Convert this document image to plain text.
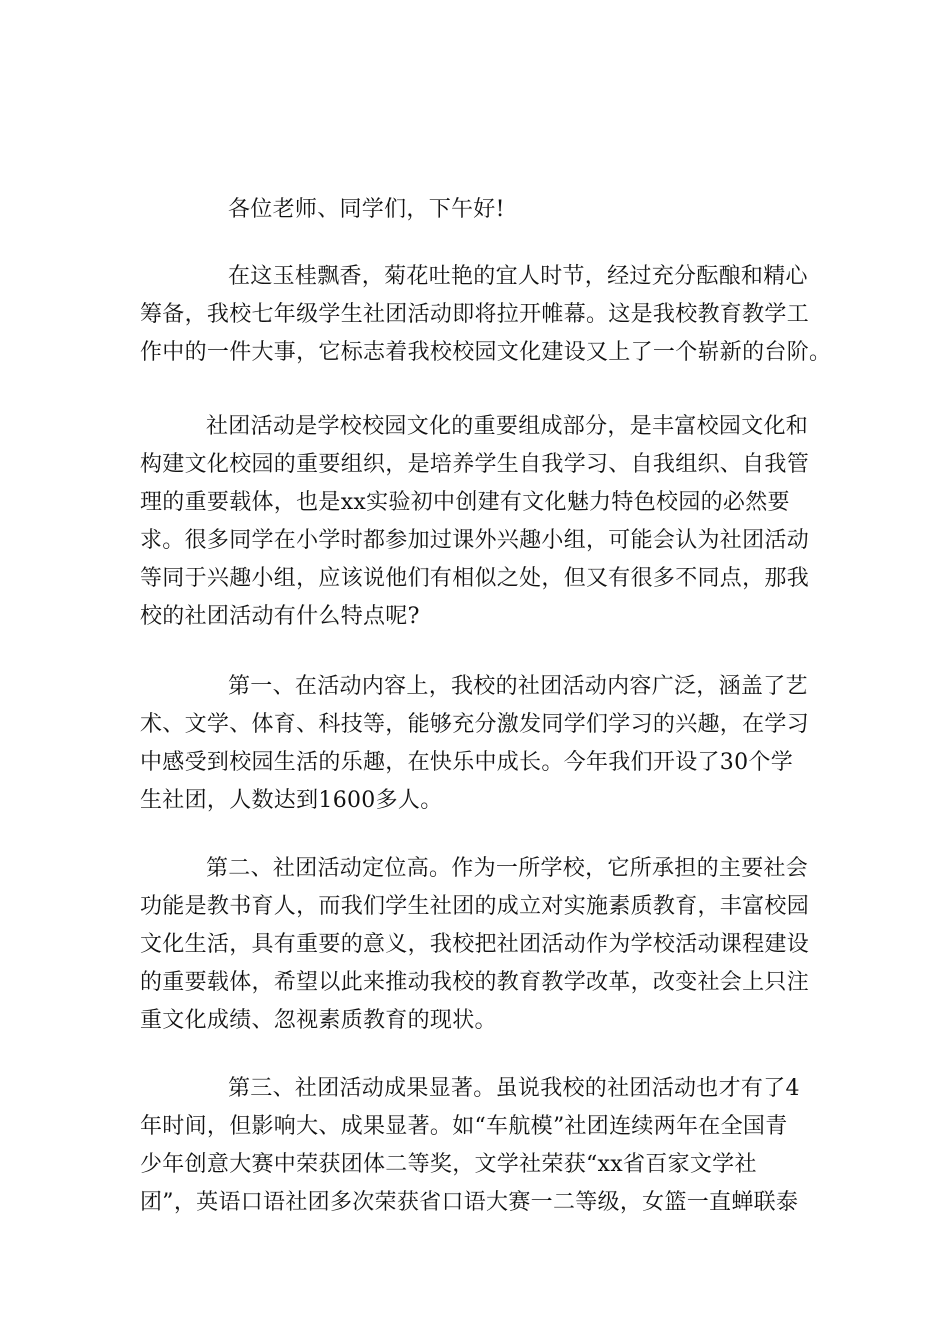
各位老师、同学们，下午好!

在这玉桂飘香，菊花吐艳的宜人时节，经过充分酝酿和精心
筹备，我校七年级学生社团活动即将拉开帷幕。这是我校教育教学工
作中的一件大事，它标志着我校校园文化建设又上了一个崭新的台阶。

社团活动是学校校园文化的重要组成部分，是丰富校园文化和
构建文化校园的重要组织，是培养学生自我学习、自我组织、自我管
理的重要载体，也是xx实验初中创建有文化魅力特色校园的必然要
求。很多同学在小学时都参加过课外兴趣小组，可能会认为社团活动
等同于兴趣小组，应该说他们有相似之处，但又有很多不同点，那我
校的社团活动有什么特点呢?

第一、在活动内容上，我校的社团活动内容广泛，涵盖了艺
术、文学、体育、科技等，能够充分激发同学们学习的兴趣，在学习
中感受到校园生活的乐趣，在快乐中成长。今年我们开设了30个学
生社团，人数达到1600多人。

第二、社团活动定位高。作为一所学校，它所承担的主要社会
功能是教书育人，而我们学生社团的成立对实施素质教育，丰富校园
文化生活，具有重要的意义，我校把社团活动作为学校活动课程建设
的重要载体，希望以此来推动我校的教育教学改革，改变社会上只注
重文化成绩、忽视素质教育的现状。

第三、社团活动成果显著。虽说我校的社团活动也才有了4
年时间，但影响大、成果显著。如“车航模”社团连续两年在全国青
少年创意大赛中荣获团体二等奖，文学社荣获“xx省百家文学社
团”，英语口语社团多次荣获省口语大赛一二等级，女篮一直蝉联泰
